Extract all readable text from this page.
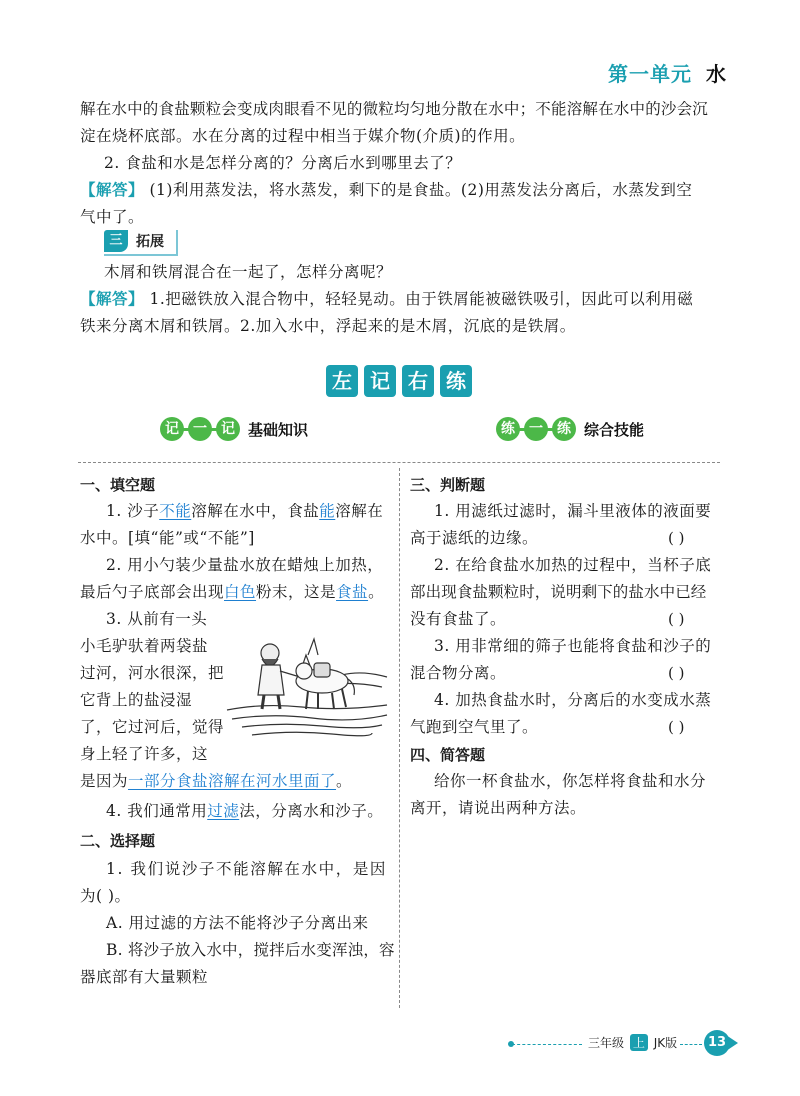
第一单元 水
解在水中的食盐颗粒会变成肉眼看不见的微粒均匀地分散在水中；不能溶解在水中的沙会沉
淀在烧杯底部。水在分离的过程中相当于媒介物(介质)的作用。
2. 食盐和水是怎样分离的？分离后水到哪里去了？
【解答】 (1)利用蒸发法，将水蒸发，剩下的是食盐。(2)用蒸发法分离后，水蒸发到空
气中了。
三 拓展
木屑和铁屑混合在一起了，怎样分离呢？
【解答】 1.把磁铁放入混合物中，轻轻晃动。由于铁屑能被磁铁吸引，因此可以利用磁
铁来分离木屑和铁屑。2.加入水中，浮起来的是木屑，沉底的是铁屑。
左 记 右 练
记	一	记 基础知识	练	一	练 综合技能
一、填空题
1. 沙子不能溶解在水中，食盐能溶解在
水中。[填“能”或“不能”]
2. 用小勺装少量盐水放在蜡烛上加热，
最后勺子底部会出现白色粉末，这是食盐。
3. 从前有一头
小毛驴驮着两袋盐
过河，河水很深，把
它背上的盐浸湿
了，它过河后，觉得
身上轻了许多，这
是因为一部分食盐溶解在河水里面了。
4. 我们通常用过滤法，分离水和沙子。
二、选择题
1. 我们说沙子不能溶解在水中，是因
为( )。
A. 用过滤的方法不能将沙子分离出来
B. 将沙子放入水中，搅拌后水变浑浊，容
器底部有大量颗粒
三、判断题
1. 用滤纸过滤时，漏斗里液体的液面要
高于滤纸的边缘。	( )
2. 在给食盐水加热的过程中，当杯子底
部出现食盐颗粒时，说明剩下的盐水中已经
没有食盐了。	( )
3. 用非常细的筛子也能将食盐和沙子的
混合物分离。	( )
4. 加热食盐水时，分离后的水变成水蒸
气跑到空气里了。	( )
四、简答题
给你一杯食盐水，你怎样将食盐和水分
离开，请说出两种方法。
三年级 上 JK版	13
